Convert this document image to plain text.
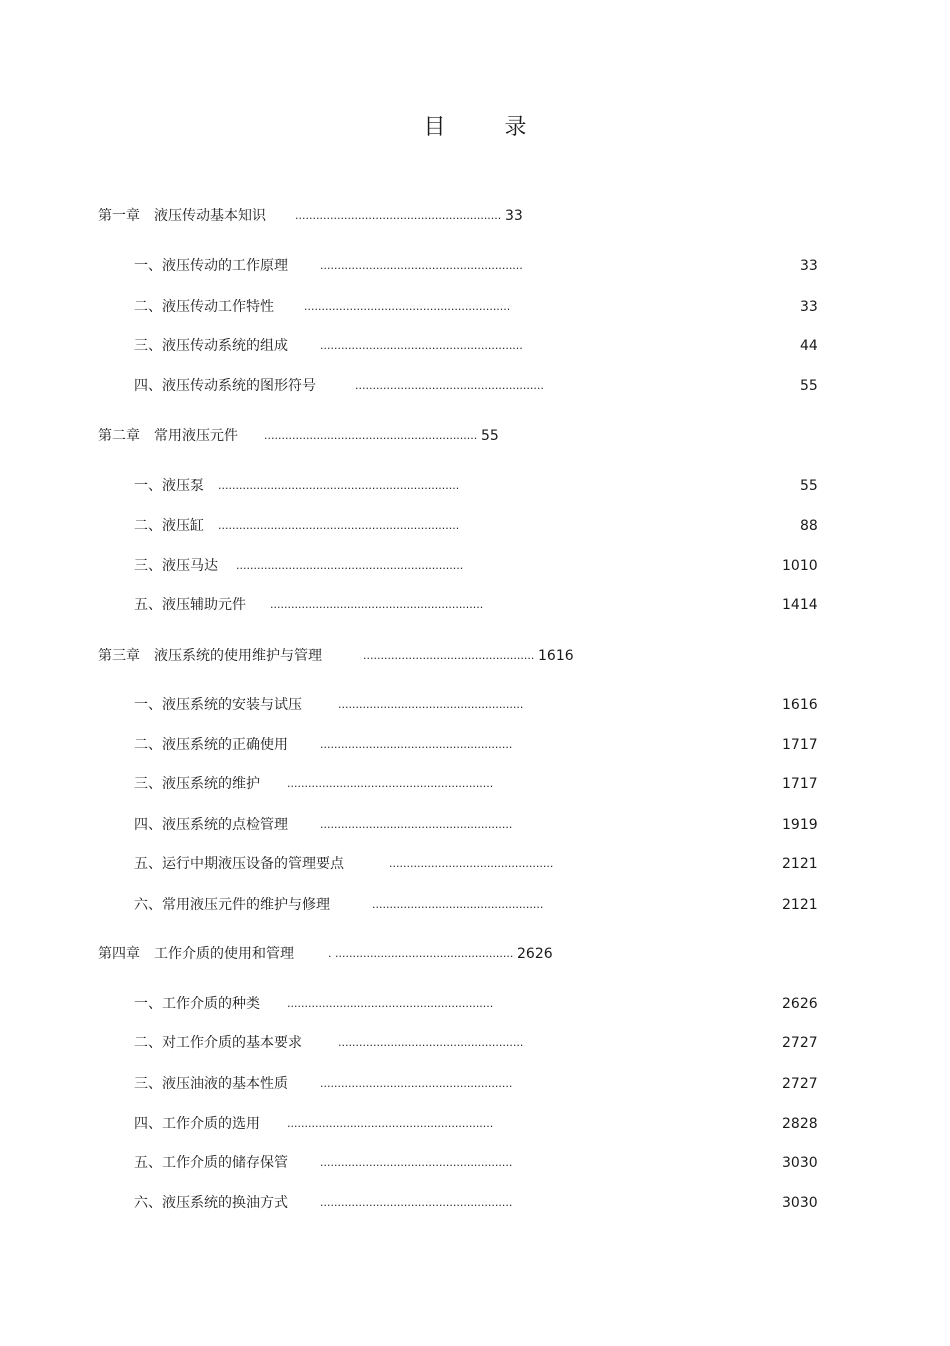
目 录
第一章　液压传动基本知识	........................................................... 33
一、液压传动的工作原理	..........................................................	33
二、液压传动工作特性	...........................................................	33
三、液压传动系统的组成	..........................................................	44
四、液压传动系统的图形符号	......................................................	55
第二章　常用液压元件 ............................................................. 55
一、液压泵 .....................................................................	55
二、液压缸 .....................................................................	88
三、液压马达 .................................................................	1010
五、液压辅助元件 .............................................................	1414
第三章　液压系统的使用维护与管理	................................................. 1616
一、液压系统的安装与试压	.....................................................	1616
二、液压系统的正确使用	.......................................................	1717
三、液压系统的维护 ...........................................................	1717
四、液压系统的点检管理	.......................................................	1919
五、运行中期液压设备的管理要点	...............................................	2121
六、常用液压元件的维护与修理	.................................................	2121
第四章　工作介质的使用和管理	. ................................................... 2626
一、工作介质的种类 ...........................................................	2626
二、对工作介质的基本要求	.....................................................	2727
三、液压油液的基本性质	.......................................................	2727
四、工作介质的选用 ...........................................................	2828
五、工作介质的储存保管	.......................................................	3030
六、液压系统的换油方式	.......................................................	3030
